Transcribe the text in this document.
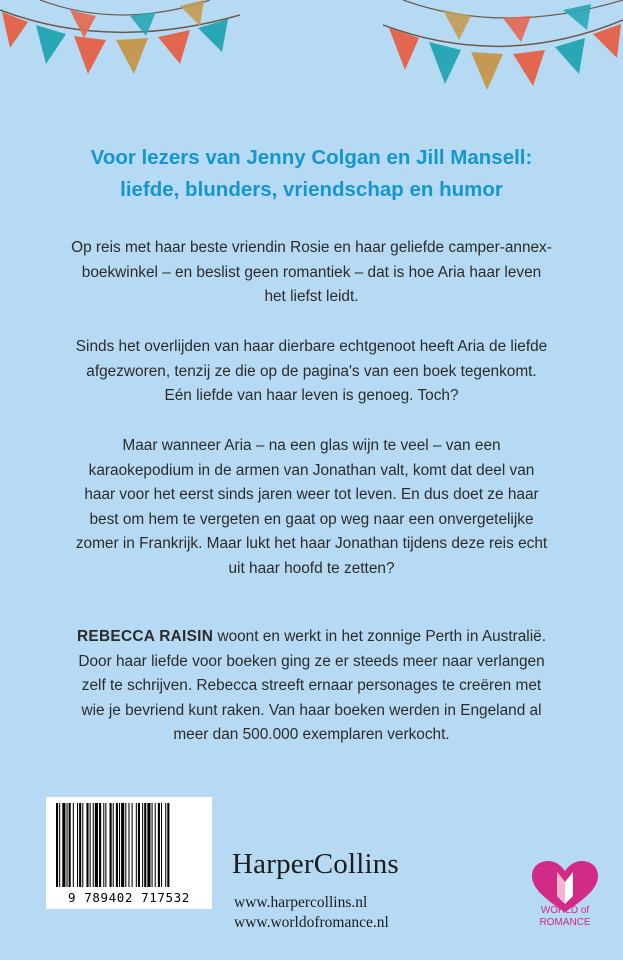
Voor lezers van Jenny Colgan en Jill Mansell:
liefde, blunders, vriendschap en humor

Op reis met haar beste vriendin Rosie en haar geliefde camper-annex-
boekwinkel – en beslist geen romantiek – dat is hoe Aria haar leven
het liefst leidt.

Sinds het overlijden van haar dierbare echtgenoot heeft Aria de liefde
afgezworen, tenzij ze die op de pagina's van een boek tegenkomt.
Eén liefde van haar leven is genoeg. Toch?

Maar wanneer Aria – na een glas wijn te veel – van een
karaokepodium in de armen van Jonathan valt, komt dat deel van
haar voor het eerst sinds jaren weer tot leven. En dus doet ze haar
best om hem te vergeten en gaat op weg naar een onvergetelijke
zomer in Frankrijk. Maar lukt het haar Jonathan tijdens deze reis echt
uit haar hoofd te zetten?

REBECCA RAISIN woont en werkt in het zonnige Perth in Australië.
Door haar liefde voor boeken ging ze er steeds meer naar verlangen
zelf te schrijven. Rebecca streeft ernaar personages te creëren met
wie je bevriend kunt raken. Van haar boeken werden in Engeland al
meer dan 500.000 exemplaren verkocht.

9 789402 717532
HarperCollins
www.harpercollins.nl
www.worldofromance.nl
WORLD of
ROMANCE
